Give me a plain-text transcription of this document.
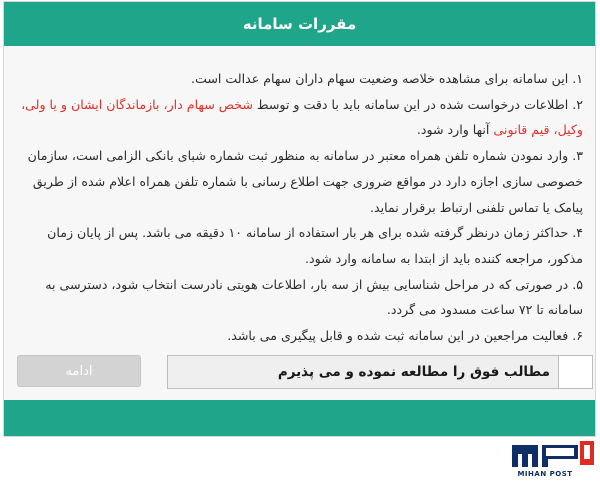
مقررات سامانه
۱. این سامانه برای مشاهده خلاصه وضعیت سهام داران سهام عدالت است.
۲. اطلاعات درخواست شده در این سامانه باید با دقت و توسط شخص سهام دار، بازماندگان ایشان و یا ولی، وکیل، قیم قانونی آنها وارد شود.
۳. وارد نمودن شماره تلفن همراه معتبر در سامانه به منظور ثبت شماره شبای بانکی الزامی است، سازمان خصوصی سازی اجازه دارد در مواقع ضروری جهت اطلاع رسانی با شماره تلفن همراه اعلام شده از طریق پیامک یا تماس تلفنی ارتباط برقرار نماید.
۴. حداکثر زمان درنظر گرفته شده برای هر بار استفاده از سامانه ۱۰ دقیقه می باشد. پس از پایان زمان مذکور، مراجعه کننده باید از ابتدا به سامانه وارد شود.
۵. در صورتی که در مراحل شناسایی بیش از سه بار، اطلاعات هویتی نادرست انتخاب شود، دسترسی به سامانه تا ۷۲ ساعت مسدود می گردد.
۶. فعالیت مراجعین در این سامانه ثبت شده و قابل پیگیری می باشد.
مطالب فوق را مطالعه نموده و می پذیرم
ادامه
MIHAN POST
